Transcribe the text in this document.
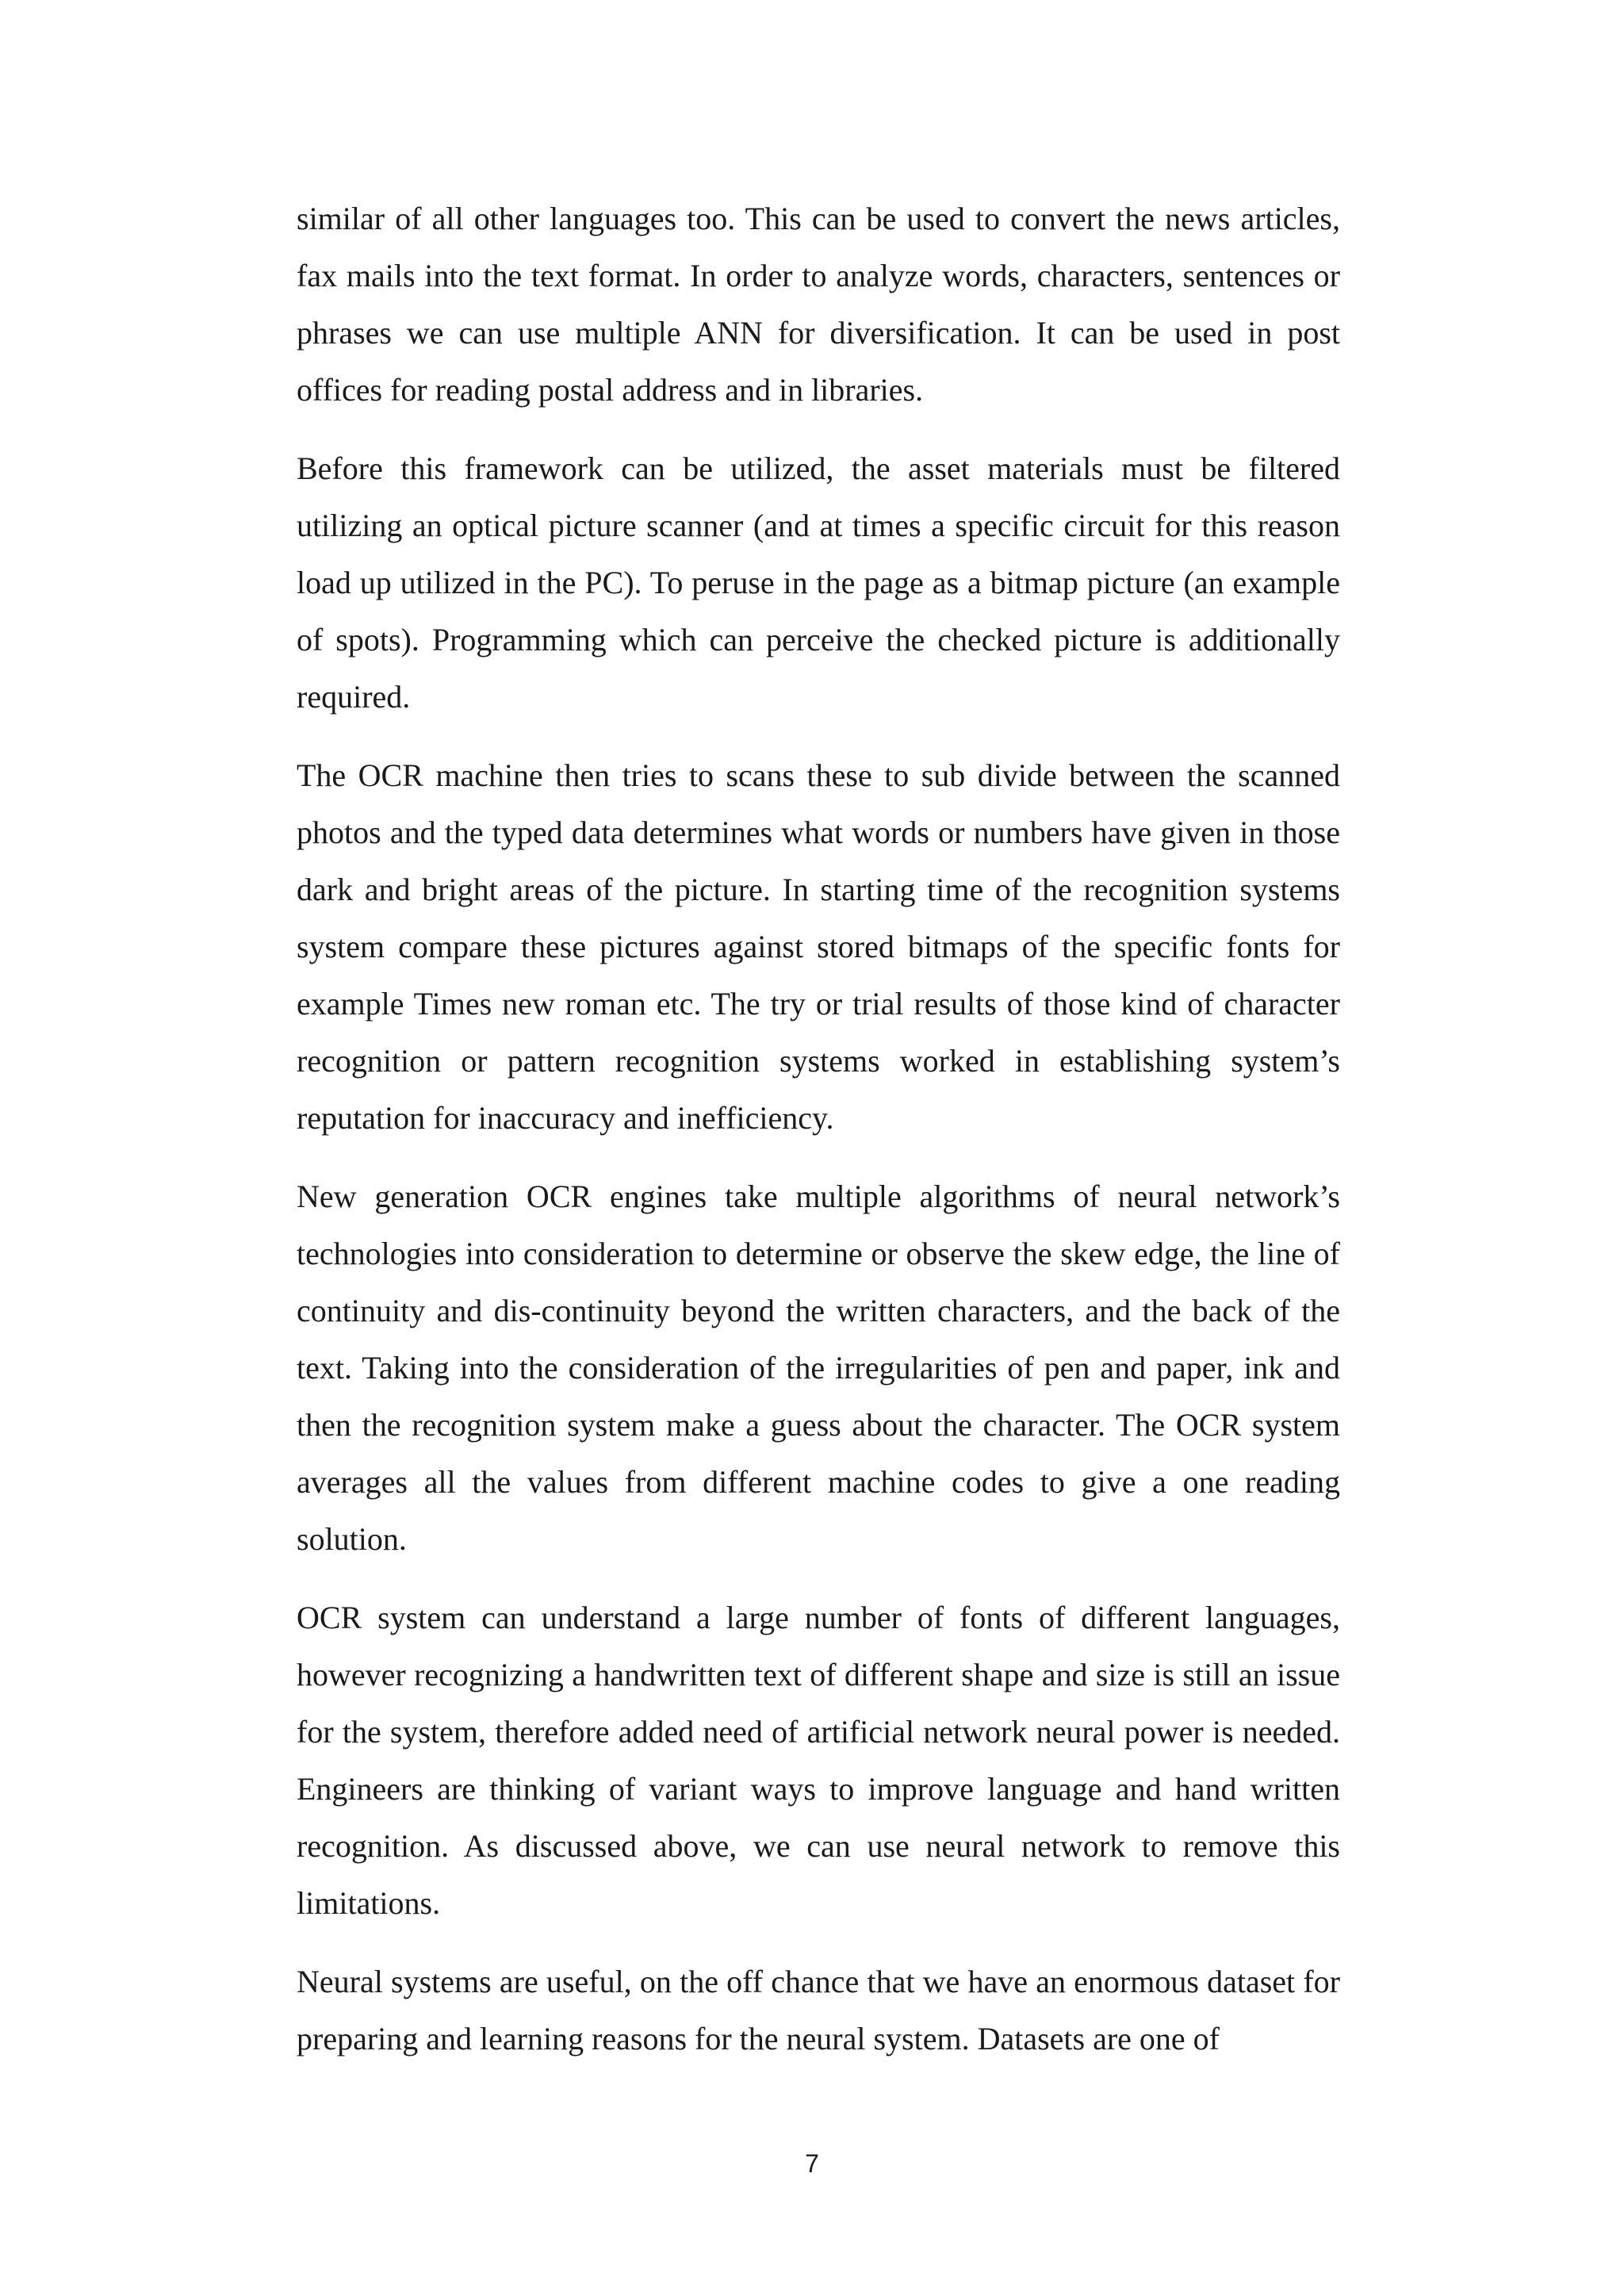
similar of all other languages too. This can be used to convert the news articles, fax mails into the text format. In order to analyze words, characters, sentences or phrases we can use multiple ANN for diversification. It can be used in post offices for reading postal address and in libraries.

Before this framework can be utilized, the asset materials must be filtered utilizing an optical picture scanner (and at times a specific circuit for this reason load up utilized in the PC). To peruse in the page as a bitmap picture (an example of spots). Programming which can perceive the checked picture is additionally required.

The OCR machine then tries to scans these to sub divide between the scanned photos and the typed data determines what words or numbers have given in those dark and bright areas of the picture. In starting time of the recognition systems system compare these pictures against stored bitmaps of the specific fonts for example Times new roman etc. The try or trial results of those kind of character recognition or pattern recognition systems worked in establishing system’s reputation for inaccuracy and inefficiency.

New generation OCR engines take multiple algorithms of neural network’s technologies into consideration to determine or observe the skew edge, the line of continuity and dis-continuity beyond the written characters, and the back of the text. Taking into the consideration of the irregularities of pen and paper, ink and then the recognition system make a guess about the character. The OCR system averages all the values from different machine codes to give a one reading solution.

OCR system can understand a large number of fonts of different languages, however recognizing a handwritten text of different shape and size is still an issue for the system, therefore added need of artificial network neural power is needed. Engineers are thinking of variant ways to improve language and hand written recognition. As discussed above, we can use neural network to remove this limitations.

Neural systems are useful, on the off chance that we have an enormous dataset for preparing and learning reasons for the neural system. Datasets are one of

7
